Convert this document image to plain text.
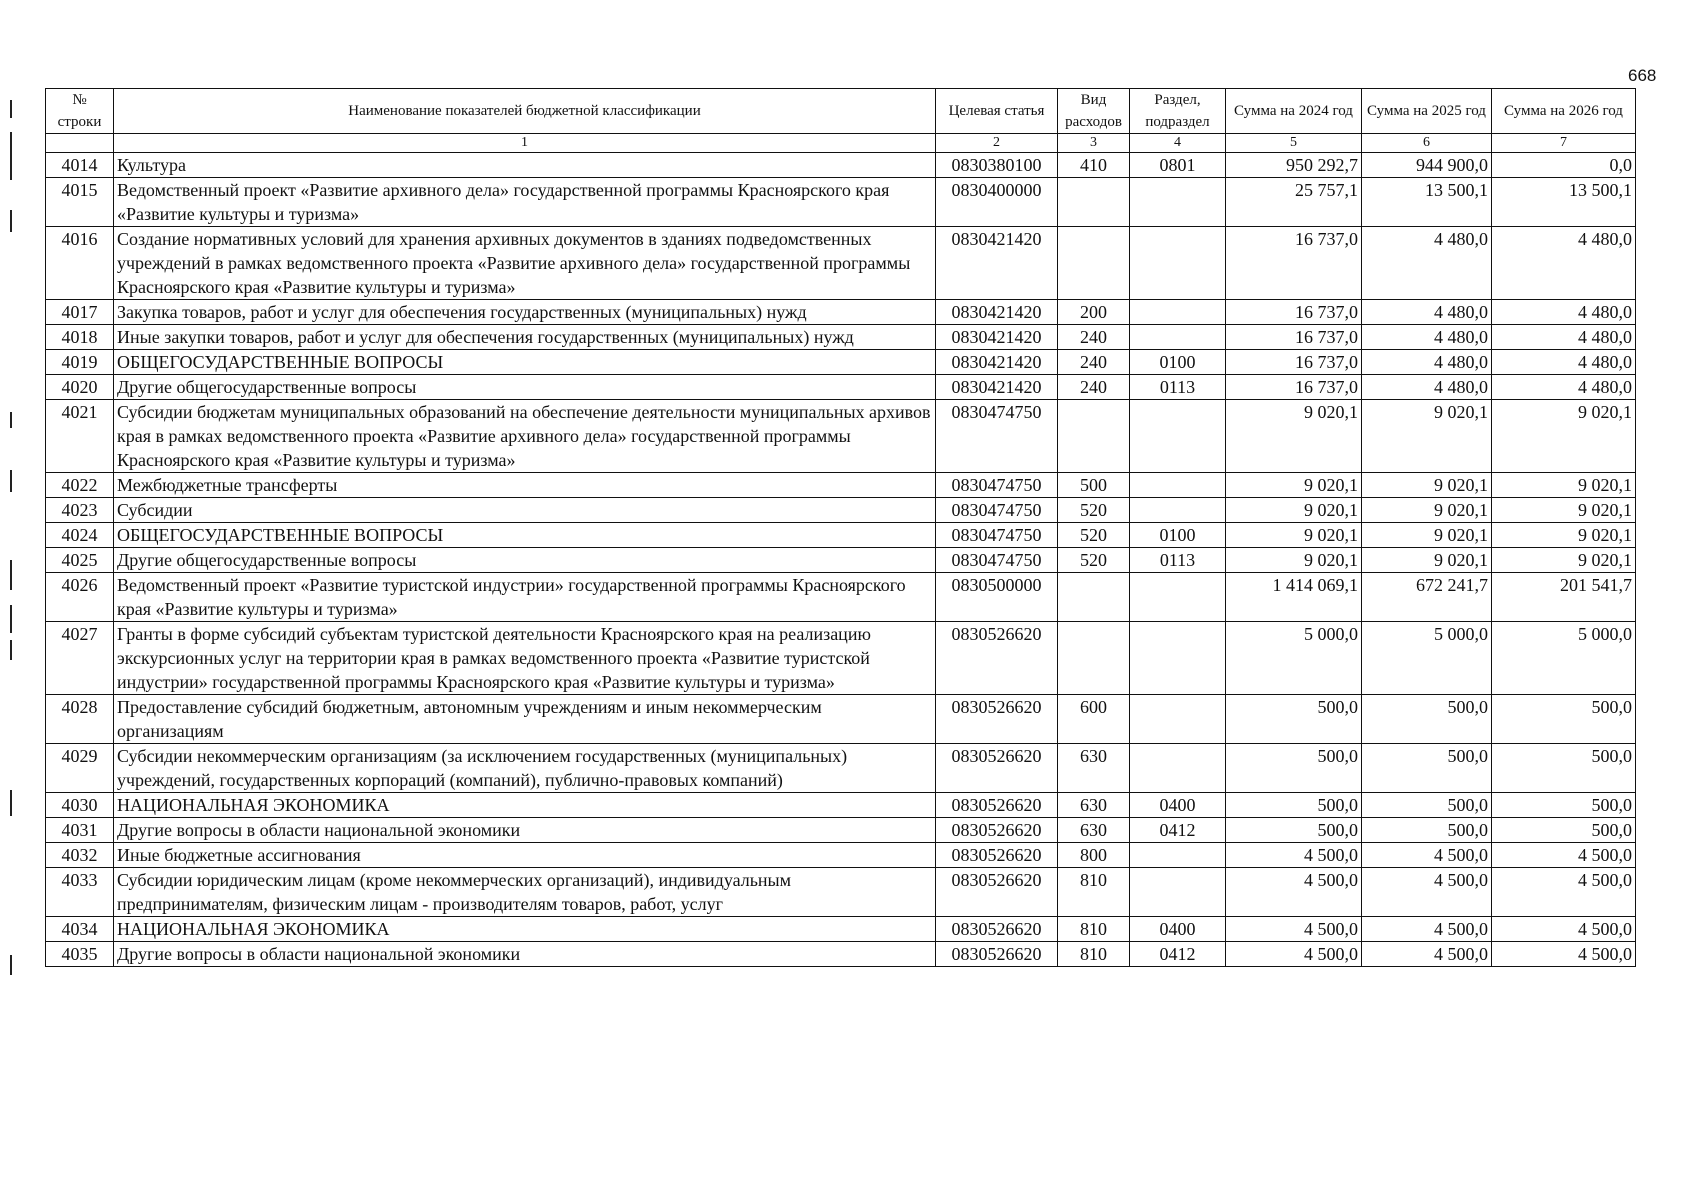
668
№ строки	Наименование показателей бюджетной классификации	Целевая статья	Вид расходов	Раздел, подраздел	Сумма на 2024 год	Сумма на 2025 год	Сумма на 2026 год
	1	2	3	4	5	6	7
4014	Культура	0830380100	410	0801	950 292,7	944 900,0	0,0
4015	Ведомственный проект «Развитие архивного дела» государственной программы Красноярского края «Развитие культуры и туризма»	0830400000			25 757,1	13 500,1	13 500,1
4016	Создание нормативных условий для хранения архивных документов в зданиях подведомственных учреждений в рамках ведомственного проекта «Развитие архивного дела» государственной программы Красноярского края «Развитие культуры и туризма»	0830421420			16 737,0	4 480,0	4 480,0
4017	Закупка товаров, работ и услуг для обеспечения государственных (муниципальных) нужд	0830421420	200		16 737,0	4 480,0	4 480,0
4018	Иные закупки товаров, работ и услуг для обеспечения государственных (муниципальных) нужд	0830421420	240		16 737,0	4 480,0	4 480,0
4019	ОБЩЕГОСУДАРСТВЕННЫЕ ВОПРОСЫ	0830421420	240	0100	16 737,0	4 480,0	4 480,0
4020	Другие общегосударственные вопросы	0830421420	240	0113	16 737,0	4 480,0	4 480,0
4021	Субсидии бюджетам муниципальных образований на обеспечение деятельности муниципальных архивов края в рамках ведомственного проекта «Развитие архивного дела» государственной программы Красноярского края «Развитие культуры и туризма»	0830474750			9 020,1	9 020,1	9 020,1
4022	Межбюджетные трансферты	0830474750	500		9 020,1	9 020,1	9 020,1
4023	Субсидии	0830474750	520		9 020,1	9 020,1	9 020,1
4024	ОБЩЕГОСУДАРСТВЕННЫЕ ВОПРОСЫ	0830474750	520	0100	9 020,1	9 020,1	9 020,1
4025	Другие общегосударственные вопросы	0830474750	520	0113	9 020,1	9 020,1	9 020,1
4026	Ведомственный проект «Развитие туристской индустрии» государственной программы Красноярского края «Развитие культуры и туризма»	0830500000			1 414 069,1	672 241,7	201 541,7
4027	Гранты в форме субсидий субъектам туристской деятельности Красноярского края на реализацию экскурсионных услуг на территории края в рамках ведомственного проекта «Развитие туристской индустрии» государственной программы Красноярского края «Развитие культуры и туризма»	0830526620			5 000,0	5 000,0	5 000,0
4028	Предоставление субсидий бюджетным, автономным учреждениям и иным некоммерческим организациям	0830526620	600		500,0	500,0	500,0
4029	Субсидии некоммерческим организациям (за исключением государственных (муниципальных) учреждений, государственных корпораций (компаний), публично-правовых компаний)	0830526620	630		500,0	500,0	500,0
4030	НАЦИОНАЛЬНАЯ ЭКОНОМИКА	0830526620	630	0400	500,0	500,0	500,0
4031	Другие вопросы в области национальной экономики	0830526620	630	0412	500,0	500,0	500,0
4032	Иные бюджетные ассигнования	0830526620	800		4 500,0	4 500,0	4 500,0
4033	Субсидии юридическим лицам (кроме некоммерческих организаций), индивидуальным предпринимателям, физическим лицам - производителям товаров, работ, услуг	0830526620	810		4 500,0	4 500,0	4 500,0
4034	НАЦИОНАЛЬНАЯ ЭКОНОМИКА	0830526620	810	0400	4 500,0	4 500,0	4 500,0
4035	Другие вопросы в области национальной экономики	0830526620	810	0412	4 500,0	4 500,0	4 500,0
